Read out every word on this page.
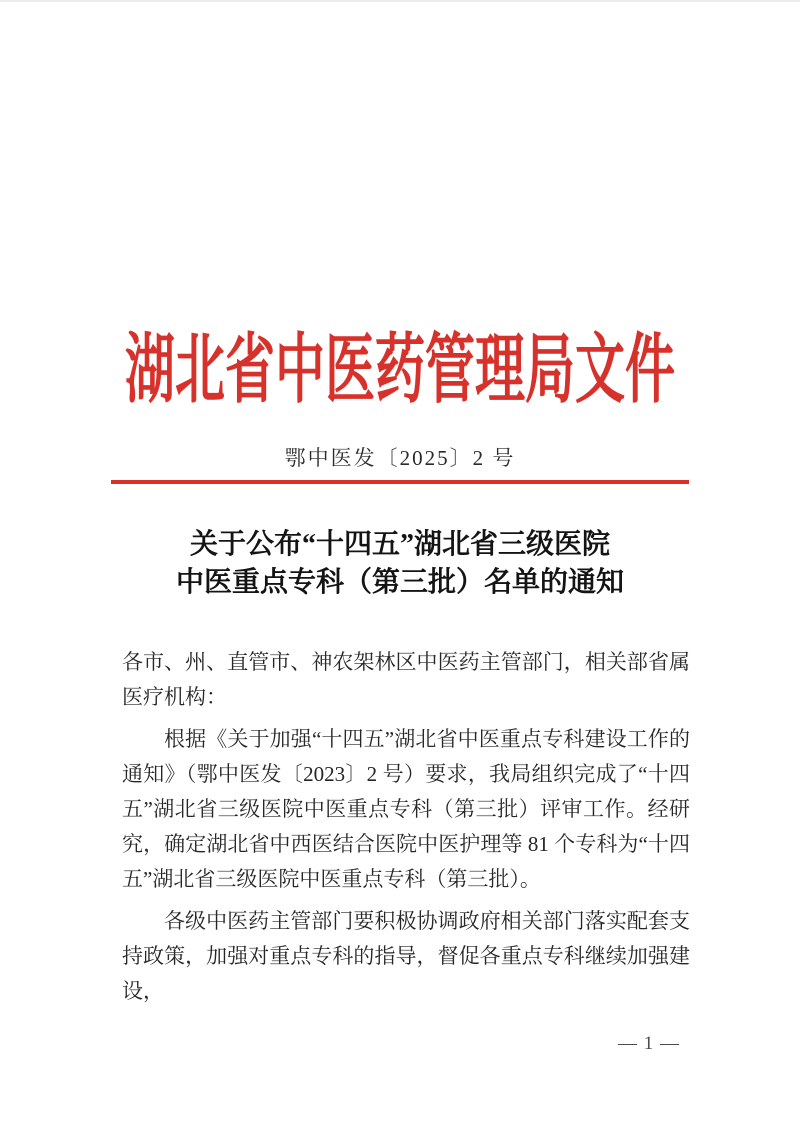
湖北省中医药管理局文件
鄂中医发〔2025〕2 号
关于公布“十四五”湖北省三级医院
中医重点专科（第三批）名单的通知

各市、州、直管市、神农架林区中医药主管部门，相关部省属医疗机构：

根据《关于加强“十四五”湖北省中医重点专科建设工作的通知》（鄂中医发〔2023〕2 号）要求，我局组织完成了“十四五”湖北省三级医院中医重点专科（第三批）评审工作。经研究，确定湖北省中西医结合医院中医护理等 81 个专科为“十四五”湖北省三级医院中医重点专科（第三批）。

各级中医药主管部门要积极协调政府相关部门落实配套支持政策，加强对重点专科的指导，督促各重点专科继续加强建设，

— 1 —
